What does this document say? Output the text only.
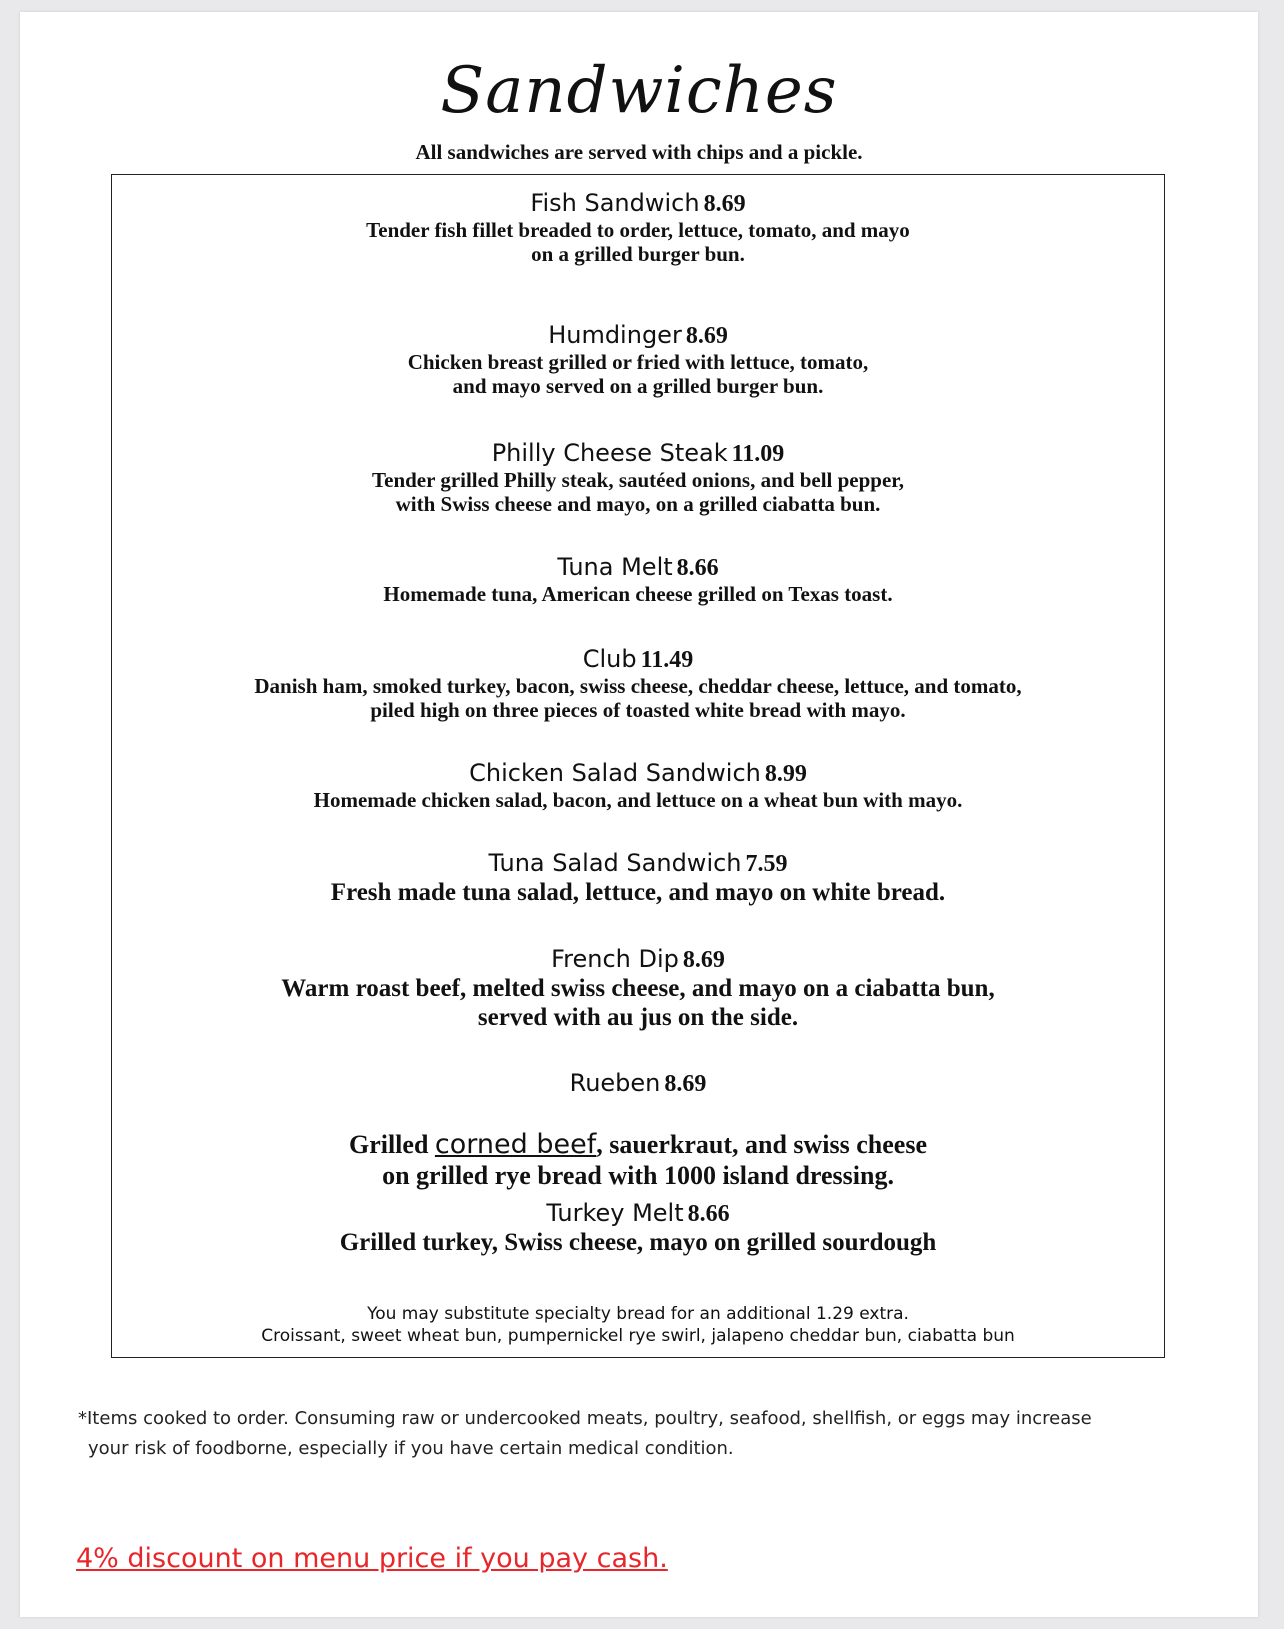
Sandwiches
All sandwiches are served with chips and a pickle.
Fish Sandwich 8.69
Tender fish fillet breaded to order, lettuce, tomato, and mayo
on a grilled burger bun.
Humdinger 8.69
Chicken breast grilled or fried with lettuce, tomato,
and mayo served on a grilled burger bun.
Philly Cheese Steak 11.09
Tender grilled Philly steak, sautéed onions, and bell pepper,
with Swiss cheese and mayo, on a grilled ciabatta bun.
Tuna Melt 8.66
Homemade tuna, American cheese grilled on Texas toast.
Club 11.49
Danish ham, smoked turkey, bacon, swiss cheese, cheddar cheese, lettuce, and tomato,
piled high on three pieces of toasted white bread with mayo.
Chicken Salad Sandwich 8.99
Homemade chicken salad, bacon, and lettuce on a wheat bun with mayo.
Tuna Salad Sandwich 7.59
Fresh made tuna salad, lettuce, and mayo on white bread.
French Dip 8.69
Warm roast beef, melted swiss cheese, and mayo on a ciabatta bun,
served with au jus on the side.
Rueben 8.69

Grilled corned beef, sauerkraut, and swiss cheese

on grilled rye bread with 1000 island dressing.
Turkey Melt 8.66
Grilled turkey, Swiss cheese, mayo on grilled sourdough
You may substitute specialty bread for an additional 1.29 extra.
Croissant, sweet wheat bun, pumpernickel rye swirl, jalapeno cheddar bun, ciabatta bun
*Items cooked to order. Consuming raw or undercooked meats, poultry, seafood, shellfish, or eggs may increase
your risk of foodborne, especially if you have certain medical condition.
4% discount on menu price if you pay cash.
